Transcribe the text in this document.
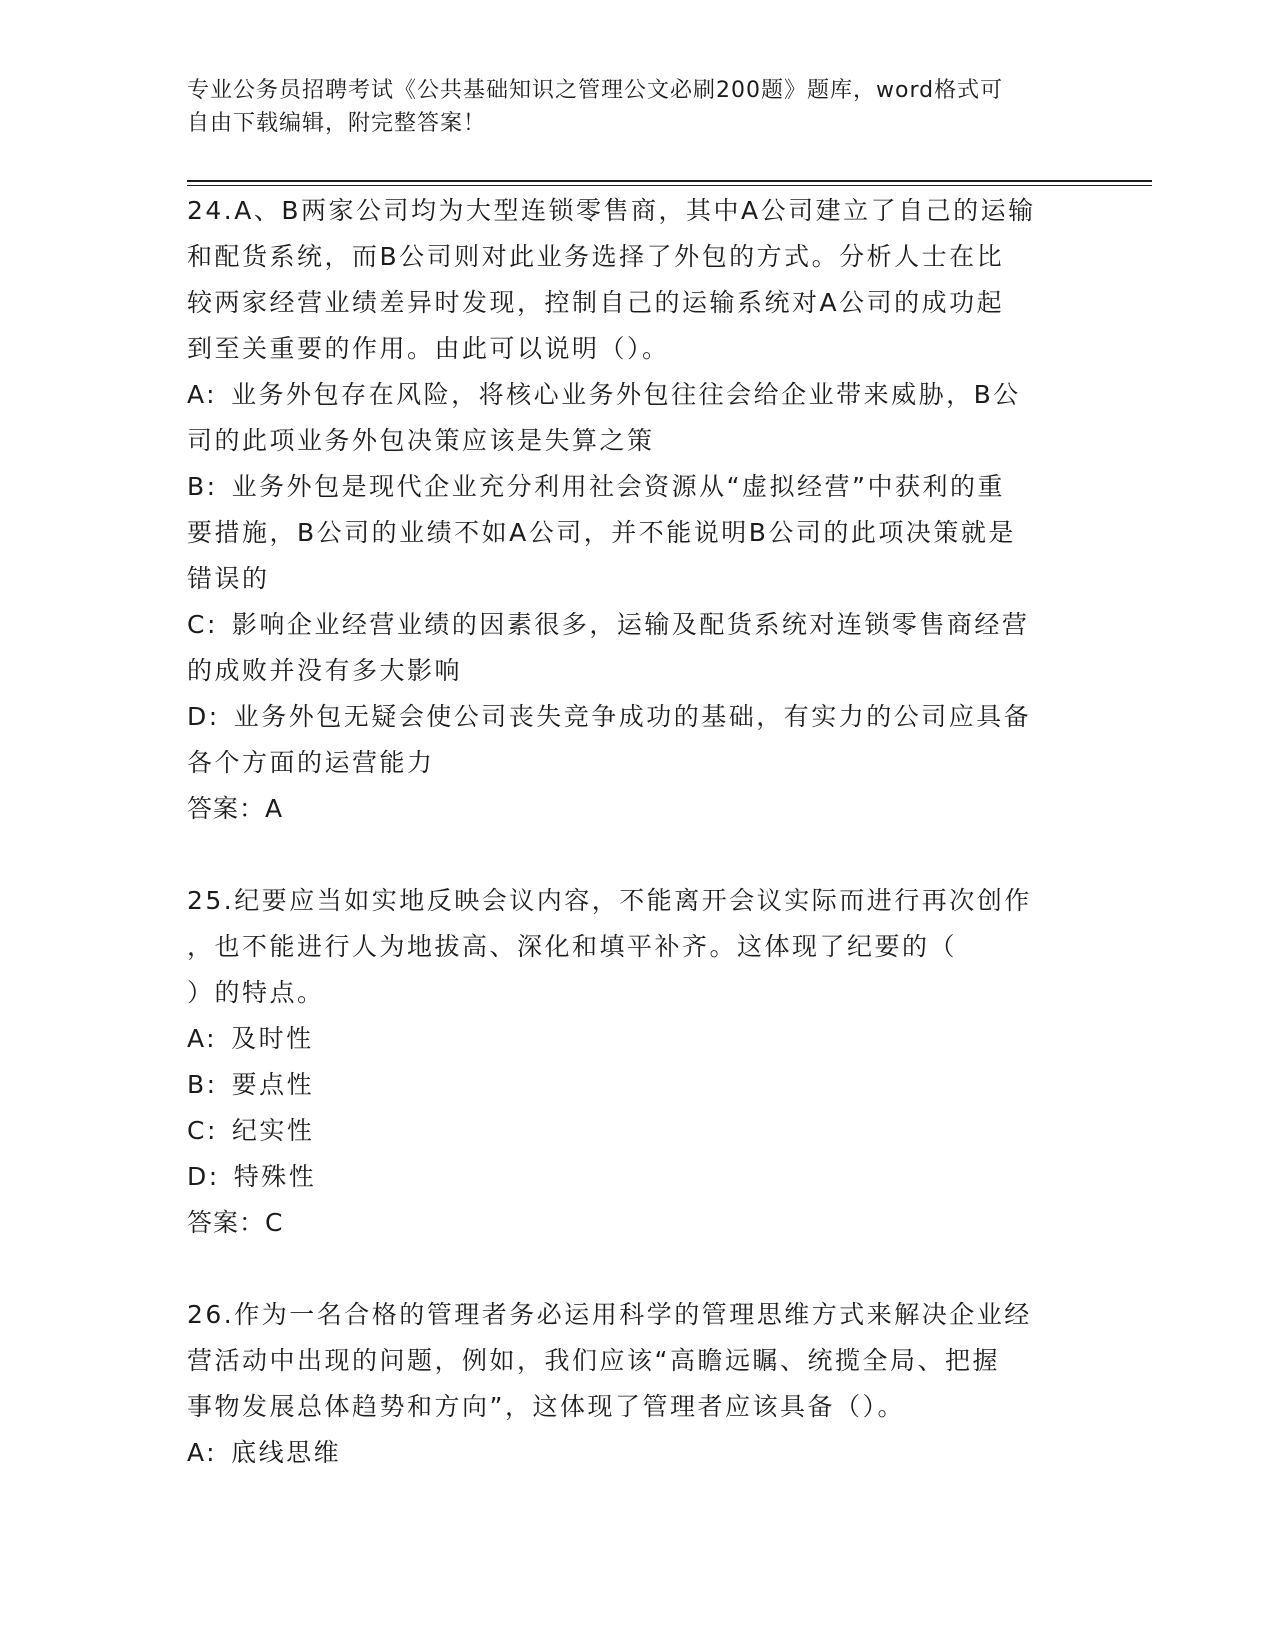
专业公务员招聘考试《公共基础知识之管理公文必刷200题》题库，word格式可
自由下载编辑，附完整答案！
24.A、B两家公司均为大型连锁零售商，其中A公司建立了自己的运输
和配货系统，而B公司则对此业务选择了外包的方式。分析人士在比
较两家经营业绩差异时发现，控制自己的运输系统对A公司的成功起
到至关重要的作用。由此可以说明（）。
A: 业务外包存在风险，将核心业务外包往往会给企业带来威胁，B公
司的此项业务外包决策应该是失算之策
B: 业务外包是现代企业充分利用社会资源从“虚拟经营”中获利的重
要措施，B公司的业绩不如A公司，并不能说明B公司的此项决策就是
错误的
C: 影响企业经营业绩的因素很多，运输及配货系统对连锁零售商经营
的成败并没有多大影响
D: 业务外包无疑会使公司丧失竞争成功的基础，有实力的公司应具备
各个方面的运营能力
答案：A
25.纪要应当如实地反映会议内容，不能离开会议实际而进行再次创作
，也不能进行人为地拔高、深化和填平补齐。这体现了纪要的（
）的特点。
A: 及时性
B: 要点性
C: 纪实性
D: 特殊性
答案：C
26.作为一名合格的管理者务必运用科学的管理思维方式来解决企业经
营活动中出现的问题，例如，我们应该“高瞻远瞩、统揽全局、把握
事物发展总体趋势和方向”，这体现了管理者应该具备（）。
A: 底线思维
